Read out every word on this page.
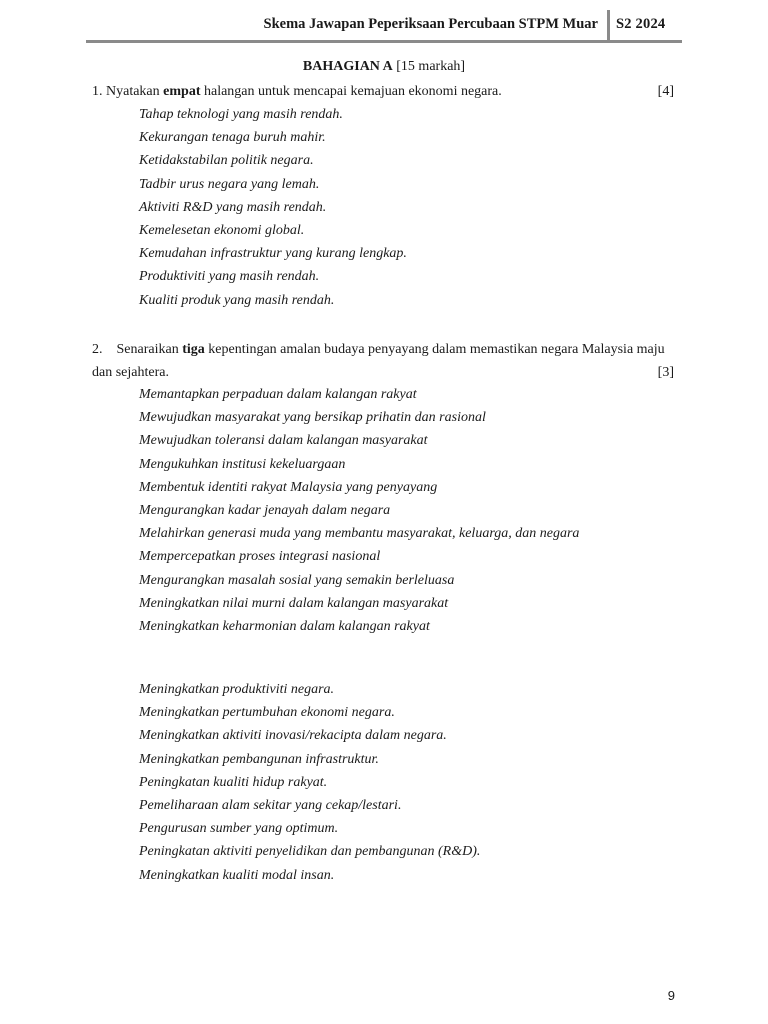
Skema Jawapan Peperiksaan Percubaan STPM Muar S2 2024
BAHAGIAN A [15 markah]
1. Nyatakan empat halangan untuk mencapai kemajuan ekonomi negara.	[4]
Tahap teknologi yang masih rendah.
Kekurangan tenaga buruh mahir.
Ketidakstabilan politik negara.
Tadbir urus negara yang lemah.
Aktiviti R&D yang masih rendah.
Kemelesetan ekonomi global.
Kemudahan infrastruktur yang kurang lengkap.
Produktiviti yang masih rendah.
Kualiti produk yang masih rendah.
2.    Senaraikan tiga kepentingan amalan budaya penyayang dalam memastikan negara Malaysia maju
dan sejahtera.	[3]
Memantapkan perpaduan dalam kalangan rakyat
Mewujudkan masyarakat yang bersikap prihatin dan rasional
Mewujudkan toleransi dalam kalangan masyarakat
Mengukuhkan institusi kekeluargaan
Membentuk identiti rakyat Malaysia yang penyayang
Mengurangkan kadar jenayah dalam negara
Melahirkan generasi muda yang membantu masyarakat, keluarga, dan negara
Mempercepatkan proses integrasi nasional
Mengurangkan masalah sosial yang semakin berleluasa
Meningkatkan nilai murni dalam kalangan masyarakat
Meningkatkan keharmonian dalam kalangan rakyat
Meningkatkan produktiviti negara.
Meningkatkan pertumbuhan ekonomi negara.
Meningkatkan aktiviti inovasi/rekacipta dalam negara.
Meningkatkan pembangunan infrastruktur.
Peningkatan kualiti hidup rakyat.
Pemeliharaan alam sekitar yang cekap/lestari.
Pengurusan sumber yang optimum.
Peningkatan aktiviti penyelidikan dan pembangunan (R&D).
Meningkatkan kualiti modal insan.
9
